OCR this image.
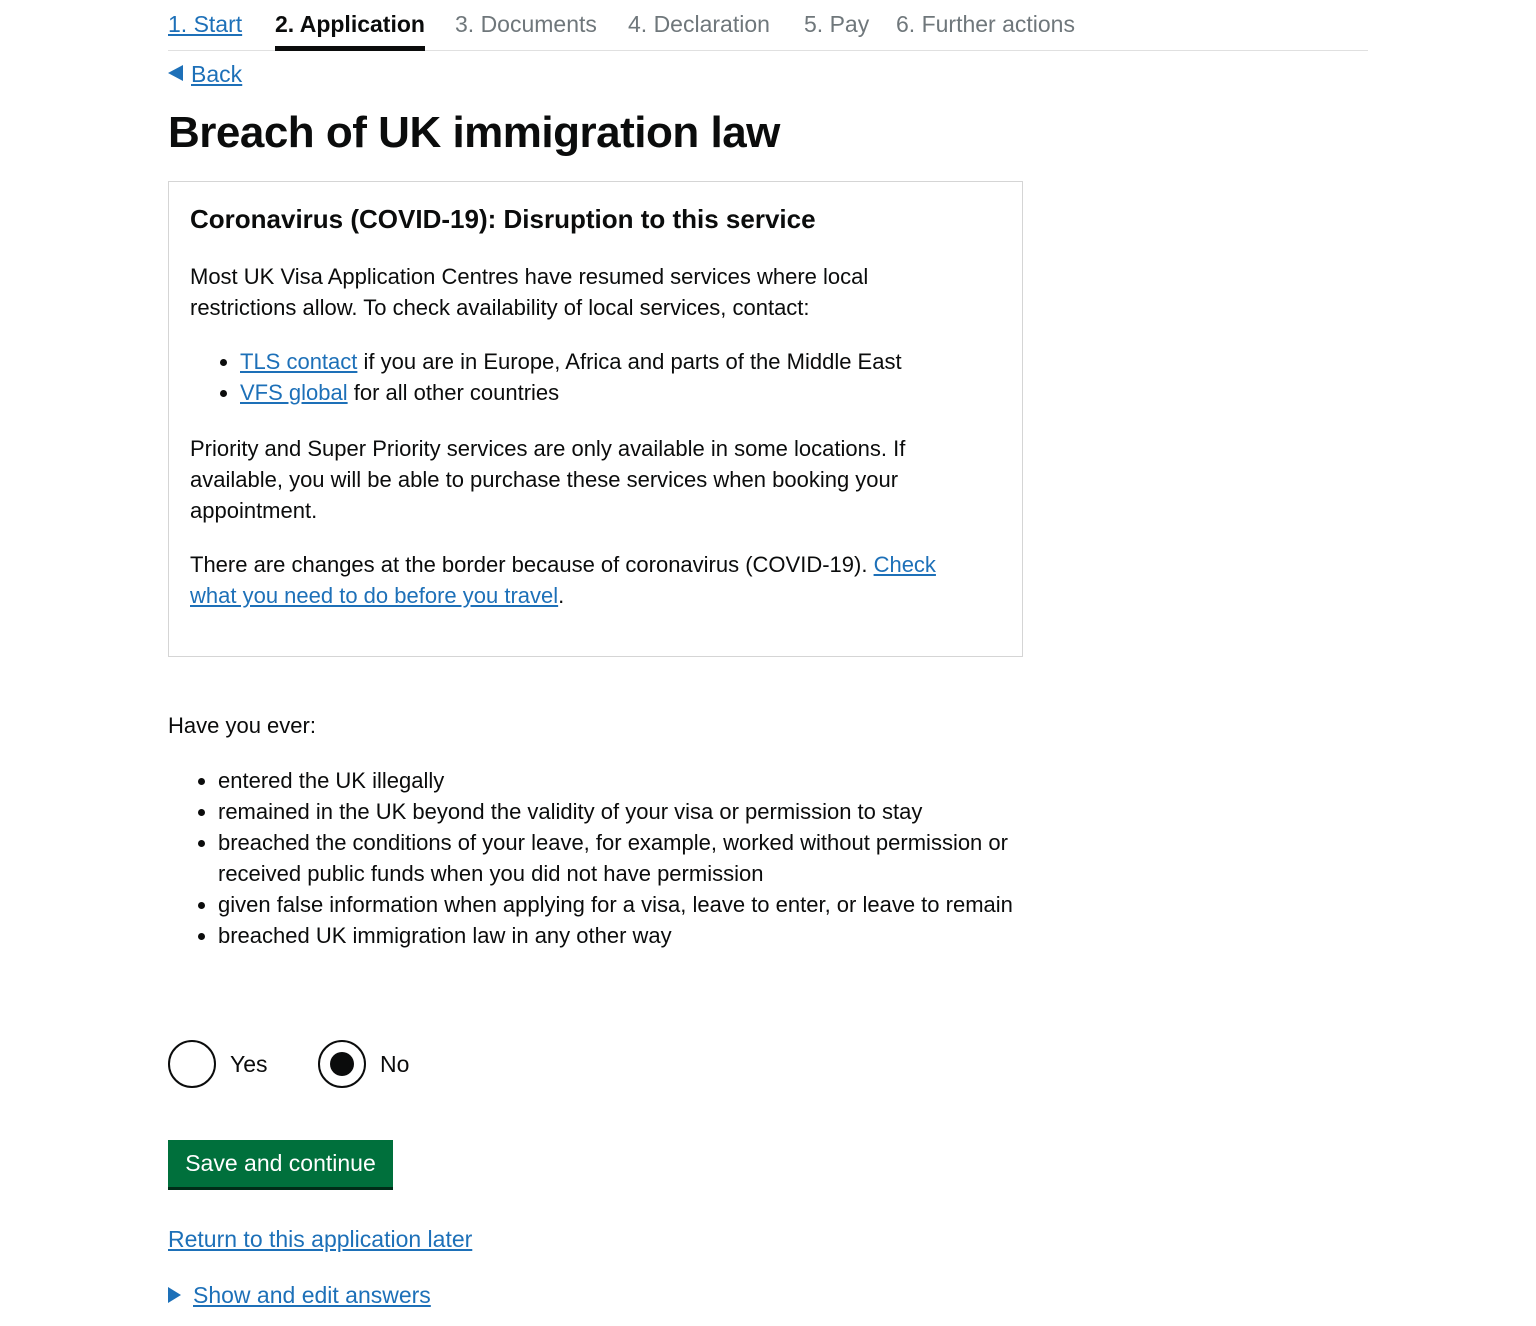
1. Start 2. Application 3. Documents 4. Declaration 5. Pay 6. Further actions
Back
Breach of UK immigration law
Coronavirus (COVID-19): Disruption to this service

Most UK Visa Application Centres have resumed services where local restrictions allow. To check availability of local services, contact:

• TLS contact if you are in Europe, Africa and parts of the Middle East
• VFS global for all other countries

Priority and Super Priority services are only available in some locations. If available, you will be able to purchase these services when booking your appointment.

There are changes at the border because of coronavirus (COVID-19). Check what you need to do before you travel.

Have you ever:

• entered the UK illegally
• remained in the UK beyond the validity of your visa or permission to stay
• breached the conditions of your leave, for example, worked without permission or received public funds when you did not have permission
• given false information when applying for a visa, leave to enter, or leave to remain
• breached UK immigration law in any other way
Yes	No
Save and continue
Return to this application later
Show and edit answers
